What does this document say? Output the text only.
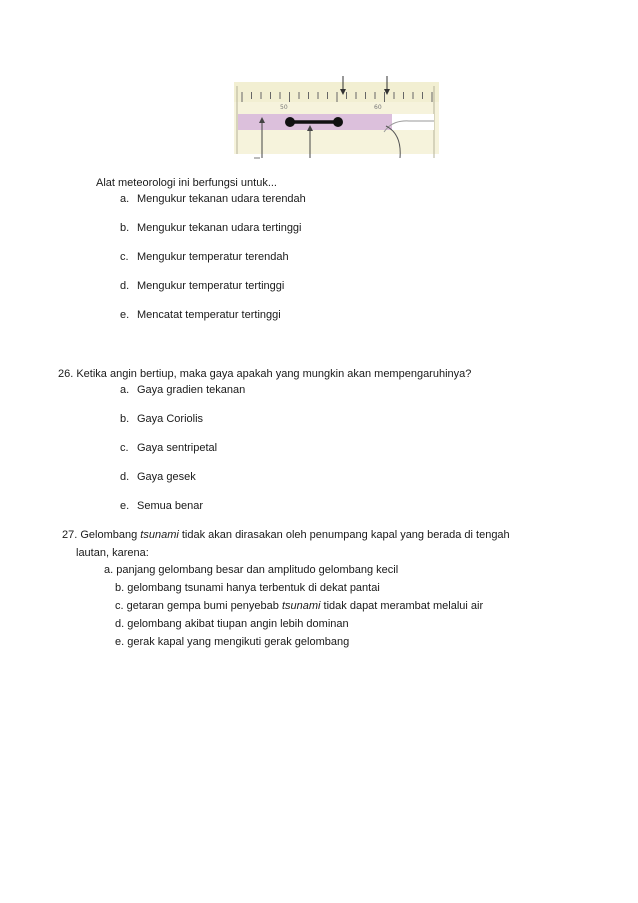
50	60
Alat meteorologi ini berfungsi untuk...
a. Mengukur tekanan udara terendah
b. Mengukur tekanan udara tertinggi
c. Mengukur temperatur terendah
d. Mengukur temperatur tertinggi
e. Mencatat temperatur tertinggi
26. Ketika angin bertiup, maka gaya apakah yang mungkin akan mempengaruhinya?
a. Gaya gradien tekanan
b. Gaya Coriolis
c. Gaya sentripetal
d. Gaya gesek
e. Semua benar
27. Gelombang tsunami tidak akan dirasakan oleh penumpang kapal yang berada di tengah
lautan, karena:
a. panjang gelombang besar dan amplitudo gelombang kecil
b. gelombang tsunami hanya terbentuk di dekat pantai
c. getaran gempa bumi penyebab tsunami tidak dapat merambat melalui air
d. gelombang akibat tiupan angin lebih dominan
e. gerak kapal yang mengikuti gerak gelombang
